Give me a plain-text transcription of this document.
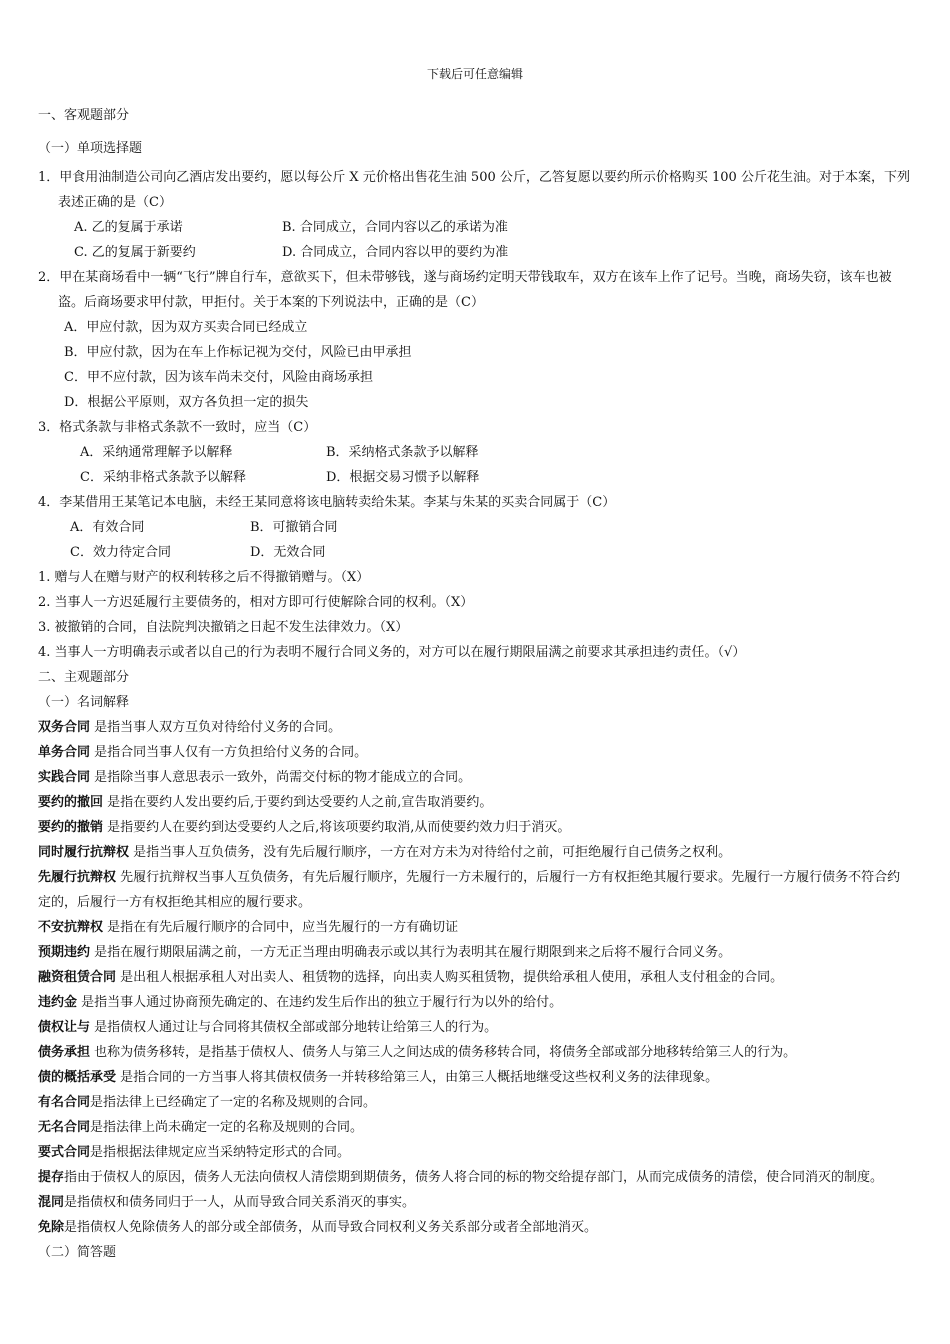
下载后可任意编辑
一、客观题部分
（一）单项选择题
1．甲食用油制造公司向乙酒店发出要约，愿以每公斤 X 元价格出售花生油 500 公斤，乙答复愿以要约所示价格购买 100 公斤花生油。对于本案，下列表述正确的是（C）
A. 乙的复属于承诺	B. 合同成立，合同内容以乙的承诺为准
C. 乙的复属于新要约	D. 合同成立，合同内容以甲的要约为准
2．甲在某商场看中一辆“飞行”牌自行车，意欲买下，但未带够钱，遂与商场约定明天带钱取车，双方在该车上作了记号。当晚，商场失窃，该车也被盗。后商场要求甲付款，甲拒付。关于本案的下列说法中，正确的是（C）
A．甲应付款，因为双方买卖合同已经成立
B．甲应付款，因为在车上作标记视为交付，风险已由甲承担
C．甲不应付款，因为该车尚未交付，风险由商场承担
D．根据公平原则，双方各负担一定的损失
3．格式条款与非格式条款不一致时，应当（C）
A．采纳通常理解予以解释	B．采纳格式条款予以解释
C．采纳非格式条款予以解释	D．根据交易习惯予以解释
4．李某借用王某笔记本电脑，未经王某同意将该电脑转卖给朱某。李某与朱某的买卖合同属于（C）
A．有效合同	B．可撤销合同
C．效力待定合同	D．无效合同
1. 赠与人在赠与财产的权利转移之后不得撤销赠与。（X）
2. 当事人一方迟延履行主要债务的，相对方即可行使解除合同的权利。（X）
3. 被撤销的合同，自法院判决撤销之日起不发生法律效力。（X）
4. 当事人一方明确表示或者以自己的行为表明不履行合同义务的，对方可以在履行期限届满之前要求其承担违约责任。（√）
二、主观题部分
（一）名词解释
双务合同 是指当事人双方互负对待给付义务的合同。
单务合同 是指合同当事人仅有一方负担给付义务的合同。
实践合同 是指除当事人意思表示一致外，尚需交付标的物才能成立的合同。
要约的撤回 是指在要约人发出要约后,于要约到达受要约人之前,宣告取消要约。
要约的撤销 是指要约人在要约到达受要约人之后,将该项要约取消,从而使要约效力归于消灭。
同时履行抗辩权 是指当事人互负债务，没有先后履行顺序，一方在对方未为对待给付之前，可拒绝履行自己债务之权利。
先履行抗辩权 先履行抗辩权当事人互负债务，有先后履行顺序，先履行一方未履行的，后履行一方有权拒绝其履行要求。先履行一方履行债务不符合约定的，后履行一方有权拒绝其相应的履行要求。
不安抗辩权 是指在有先后履行顺序的合同中，应当先履行的一方有确切证
预期违约 是指在履行期限届满之前，一方无正当理由明确表示或以其行为表明其在履行期限到来之后将不履行合同义务。
融资租赁合同 是出租人根据承租人对出卖人、租赁物的选择，向出卖人购买租赁物，提供给承租人使用，承租人支付租金的合同。
违约金 是指当事人通过协商预先确定的、在违约发生后作出的独立于履行行为以外的给付。
债权让与 是指债权人通过让与合同将其债权全部或部分地转让给第三人的行为。
债务承担 也称为债务移转，是指基于债权人、债务人与第三人之间达成的债务移转合同，将债务全部或部分地移转给第三人的行为。
债的概括承受 是指合同的一方当事人将其债权债务一并转移给第三人，由第三人概括地继受这些权利义务的法律现象。
有名合同是指法律上已经确定了一定的名称及规则的合同。
无名合同是指法律上尚未确定一定的名称及规则的合同。
要式合同是指根据法律规定应当采纳特定形式的合同。
提存指由于债权人的原因，债务人无法向债权人清偿期到期债务，债务人将合同的标的物交给提存部门，从而完成债务的清偿，使合同消灭的制度。
混同是指债权和债务同归于一人，从而导致合同关系消灭的事实。
免除是指债权人免除债务人的部分或全部债务，从而导致合同权利义务关系部分或者全部地消灭。
（二）简答题
